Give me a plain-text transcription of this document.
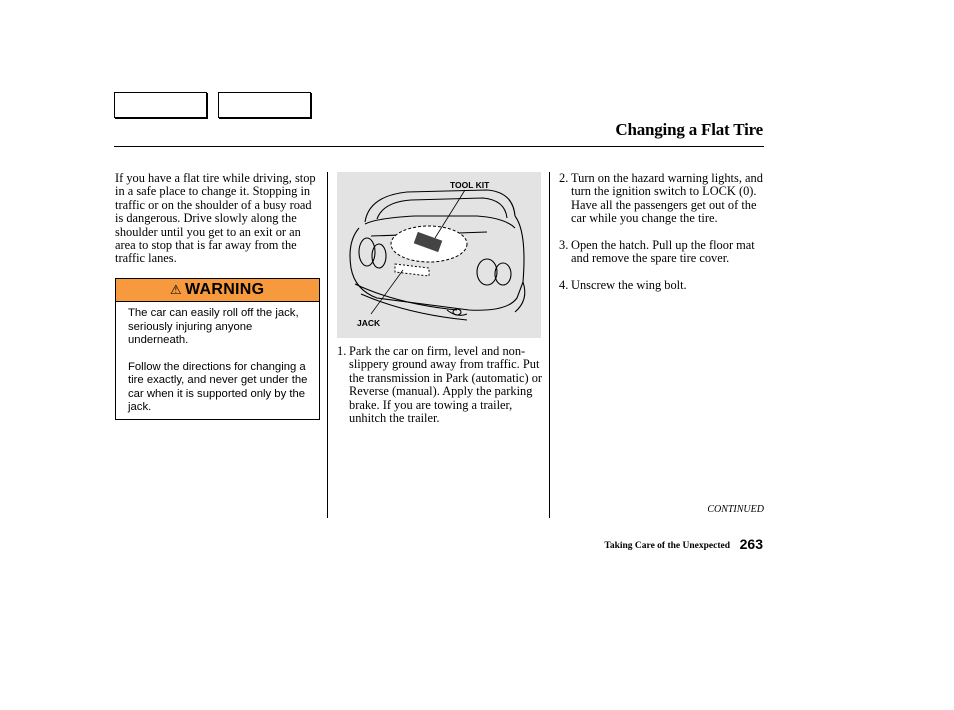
Changing a Flat Tire
If you have a flat tire while driving, stop in a safe place to change it. Stopping in traffic or on the shoulder of a busy road is dangerous. Drive slowly along the shoulder until you get to an exit or an area to stop that is far away from the traffic lanes.
⚠ WARNING

The car can easily roll off the jack, seriously injuring anyone underneath.

Follow the directions for changing a tire exactly, and never get under the car when it is supported only by the jack.

TOOL KIT
JACK
1. Park the car on firm, level and non-slippery ground away from traffic. Put the transmission in Park (automatic) or Reverse (manual). Apply the parking brake. If you are towing a trailer, unhitch the trailer.
2. Turn on the hazard warning lights, and turn the ignition switch to LOCK (0). Have all the passengers get out of the car while you change the tire.
3. Open the hatch. Pull up the floor mat and remove the spare tire cover.
4. Unscrew the wing bolt.
CONTINUED
Taking Care of the Unexpected 263
